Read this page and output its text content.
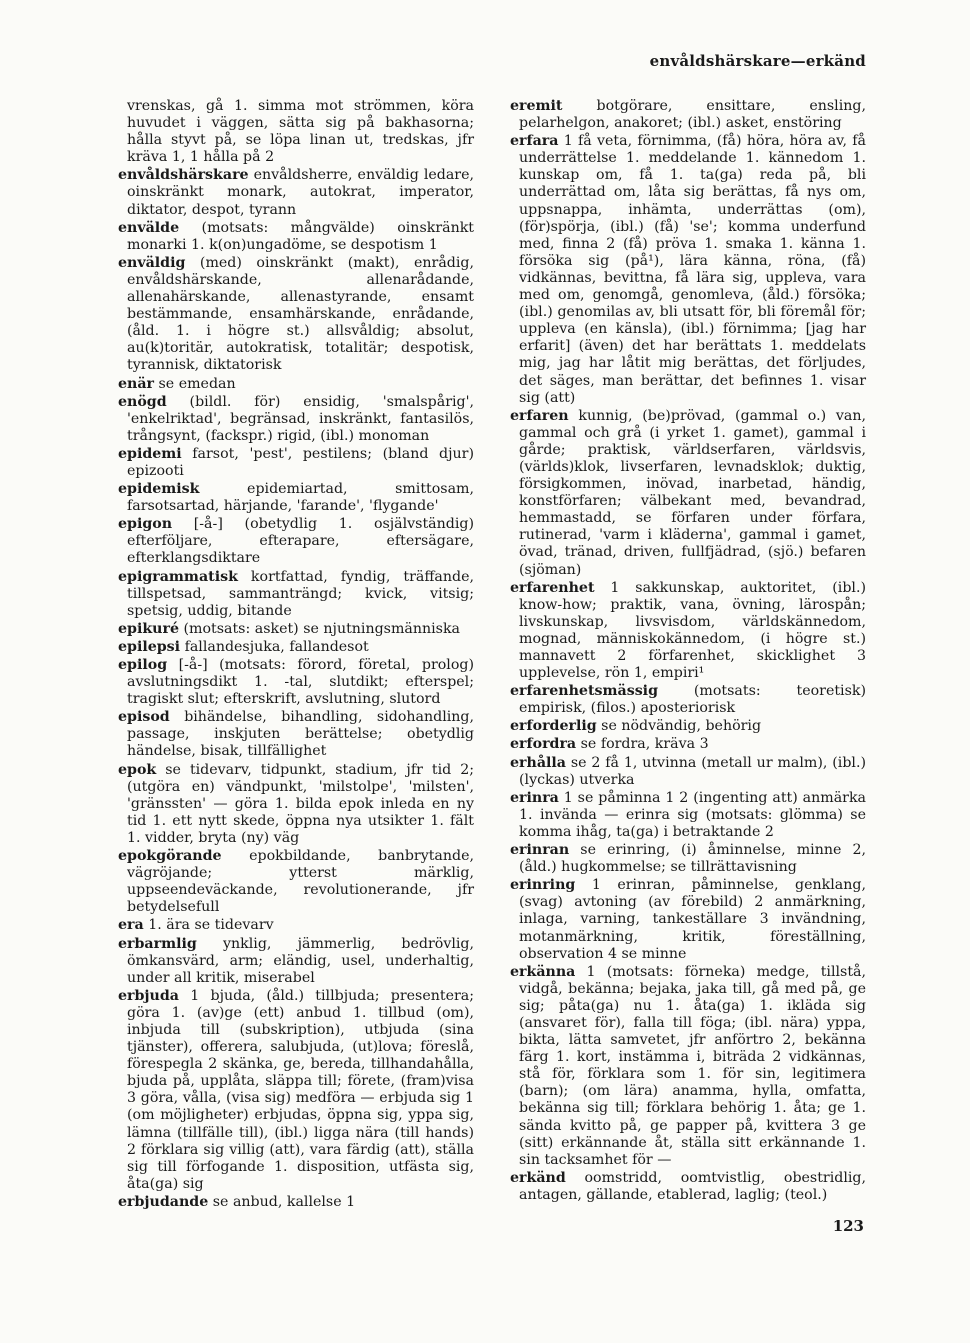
envåldshärskare—erkänd

vrenskas, gå 1. simma mot strömmen, köra huvudet i väggen, sätta sig på bakhasorna; hålla styvt på, se löpa linan ut, tredskas, jfr kräva 1, 1 hålla på 2

envåldshärskare envåldsherre, enväldig ledare, oinskränkt monark, autokrat, imperator, diktator, despot, tyrann

envälde (motsats: mångvälde) oinskränkt monarki 1. k(on)ungadöme, se despotism 1

enväldig (med) oinskränkt (makt), enrådig, envåldshärskande, allenarådande, allenahärskande, allenastyrande, ensamt bestämmande, ensamhärskande, enrådande, (åld. 1. i högre st.) allsvåldig; absolut, au(k)toritär, autokratisk, totalitär; despotisk, tyrannisk, diktatorisk

enär se emedan

enögd (bildl. för) ensidig, 'smalspårig', 'enkelriktad', begränsad, inskränkt, fantasilös, trångsynt, (fackspr.) rigid, (ibl.) monoman

epidemi farsot, 'pest', pestilens; (bland djur) epizooti

epidemisk epidemiartad, smittosam, farsotsartad, härjande, 'farande', 'flygande'

epigon [-å-] (obetydlig 1. osjälvständig) efterföljare, efterapare, eftersägare, efterklangsdiktare

epigrammatisk kortfattad, fyndig, träffande, tillspetsad, sammanträngd; kvick, vitsig; spetsig, uddig, bitande

epikuré (motsats: asket) se njutningsmänniska

epilepsi fallandesjuka, fallandesot

epilog [-å-] (motsats: förord, företal, prolog) avslutningsdikt 1. -tal, slutdikt; efterspel; tragiskt slut; efterskrift, avslutning, slutord

episod bihändelse, bihandling, sidohandling, passage, inskjuten berättelse; obetydlig händelse, bisak, tillfällighet

epok se tidevarv, tidpunkt, stadium, jfr tid 2; (utgöra en) vändpunkt, 'milstolpe', 'milsten', 'gränssten' — göra 1. bilda epok inleda en ny tid 1. ett nytt skede, öppna nya utsikter 1. fält 1. vidder, bryta (ny) väg

epokgörande epokbildande, banbrytande, vägröjande; ytterst märklig, uppseendeväckande, revolutionerande, jfr betydelsefull

era 1. ära se tidevarv

erbarmlig ynklig, jämmerlig, bedrövlig, ömkansvärd, arm; eländig, usel, underhaltig, under all kritik, miserabel

erbjuda 1 bjuda, (åld.) tillbjuda; presentera; göra 1. (av)ge (ett) anbud 1. tillbud (om), inbjuda till (subskription), utbjuda (sina tjänster), offerera, salubjuda, (ut)lova; föreslå, förespegla 2 skänka, ge, bereda, tillhandahålla, bjuda på, upplåta, släppa till; förete, (fram)visa 3 göra, vålla, (visa sig) medföra — erbjuda sig 1 (om möjligheter) erbjudas, öppna sig, yppa sig, lämna (tillfälle till), (ibl.) ligga nära (till hands) 2 förklara sig villig (att), vara färdig (att), ställa sig till förfogande 1. disposition, utfästa sig, åta(ga) sig

erbjudande se anbud, kallelse 1

eremit botgörare, ensittare, ensling, pelarhelgon, anakoret; (ibl.) asket, enstöring

erfara 1 få veta, förnimma, (få) höra, höra av, få underrättelse 1. meddelande 1. kännedom 1. kunskap om, få 1. ta(ga) reda på, bli underrättad om, låta sig berättas, få nys om, uppsnappa, inhämta, underrättas (om), (för)spörja, (ibl.) (få) 'se'; komma underfund med, finna 2 (få) pröva 1. smaka 1. känna 1. försöka sig (på¹), lära känna, röna, (få) vidkännas, bevittna, få lära sig, uppleva, vara med om, genomgå, genomleva, (åld.) försöka; (ibl.) genomilas av, bli utsatt för, bli föremål för; uppleva (en känsla), (ibl.) förnimma; [jag har erfarit] (även) det har berättats 1. meddelats mig, jag har låtit mig berättas, det förljudes, det säges, man berättar, det befinnes 1. visar sig (att)

erfaren kunnig, (be)prövad, (gammal o.) van, gammal och grå (i yrket 1. gamet), gammal i gårde; praktisk, världserfaren, världsvis, (världs)klok, livserfaren, levnadsklok; duktig, försigkommen, inövad, inarbetad, händig, konstförfaren; välbekant med, bevandrad, hemmastadd, se förfaren under förfara, rutinerad, 'varm i kläderna', gammal i gamet, övad, tränad, driven, fullfjädrad, (sjö.) befaren (sjöman)

erfarenhet 1 sakkunskap, auktoritet, (ibl.) know-how; praktik, vana, övning, lärospån; livskunskap, livsvisdom, världskännedom, mognad, människokännedom, (i högre st.) mannavett 2 förfarenhet, skicklighet 3 upplevelse, rön 1, empiri¹

erfarenhetsmässig (motsats: teoretisk) empirisk, (filos.) aposteriorisk

erforderlig se nödvändig, behörig

erfordra se fordra, kräva 3

erhålla se 2 få 1, utvinna (metall ur malm), (ibl.) (lyckas) utverka

erinra 1 se påminna 1 2 (ingenting att) anmärka 1. invända — erinra sig (motsats: glömma) se komma ihåg, ta(ga) i betraktande 2

erinran se erinring, (i) åminnelse, minne 2, (åld.) hugkommelse; se tillrättavisning

erinring 1 erinran, påminnelse, genklang, (svag) avtoning (av förebild) 2 anmärkning, inlaga, varning, tankeställare 3 invändning, motanmärkning, kritik, föreställning, observation 4 se minne

erkänna 1 (motsats: förneka) medge, tillstå, vidgå, bekänna; bejaka, jaka till, gå med på, ge sig; påta(ga) nu 1. åta(ga) 1. ikläda sig (ansvaret för), falla till föga; (ibl. nära) yppa, bikta, lätta samvetet, jfr anförtro 2, bekänna färg 1. kort, instämma i, biträda 2 vidkännas, stå för, förklara som 1. för sin, legitimera (barn); (om lära) anamma, hylla, omfatta, bekänna sig till; förklara behörig 1. åta; ge 1. sända kvitto på, ge papper på, kvittera 3 ge (sitt) erkännande åt, ställa sitt erkännande 1. sin tacksamhet för —

erkänd oomstridd, oomtvistlig, obestridlig, antagen, gällande, etablerad, laglig; (teol.)

123
